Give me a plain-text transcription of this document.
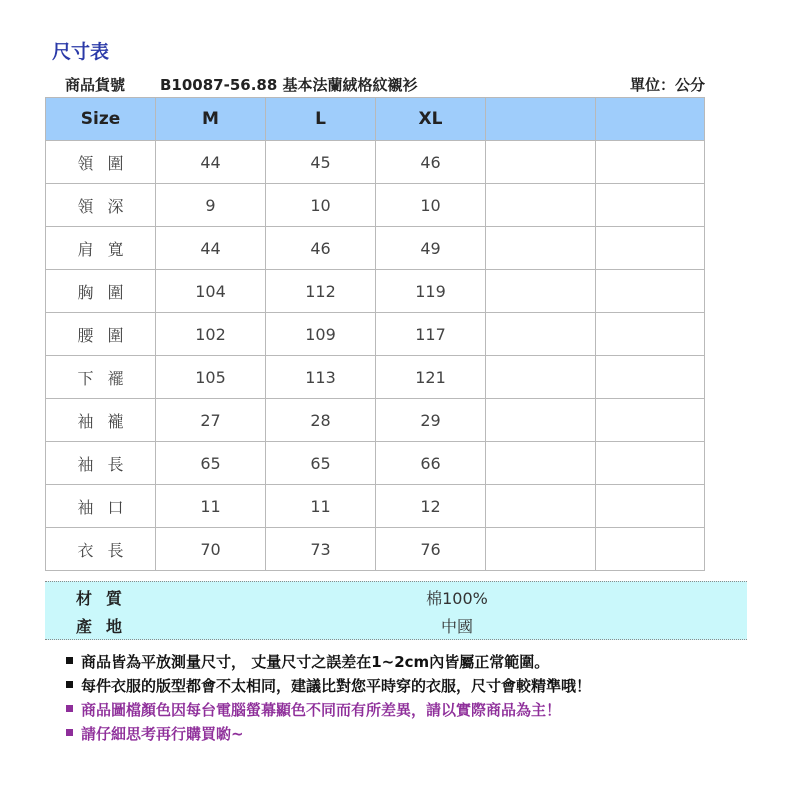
尺寸表
商品貨號 B10087-56.88 基本法蘭絨格紋襯衫	單位：公分
Size	M	L	XL		
領圍	44	45	46		
領深	9	10	10		
肩寬	44	46	49		
胸圍	104	112	119		
腰圍	102	109	117		
下襬	105	113	121		
袖襱	27	28	29		
袖長	65	65	66		
袖口	11	11	12		
衣長	70	73	76		
材質	棉100%
產地	中國
商品皆為平放測量尺寸， 丈量尺寸之誤差在1~2cm內皆屬正常範圍。
每件衣服的版型都會不太相同，建議比對您平時穿的衣服，尺寸會較精準哦！
商品圖檔顏色因每台電腦螢幕顯色不同而有所差異，請以實際商品為主！
請仔細思考再行購買喲~
